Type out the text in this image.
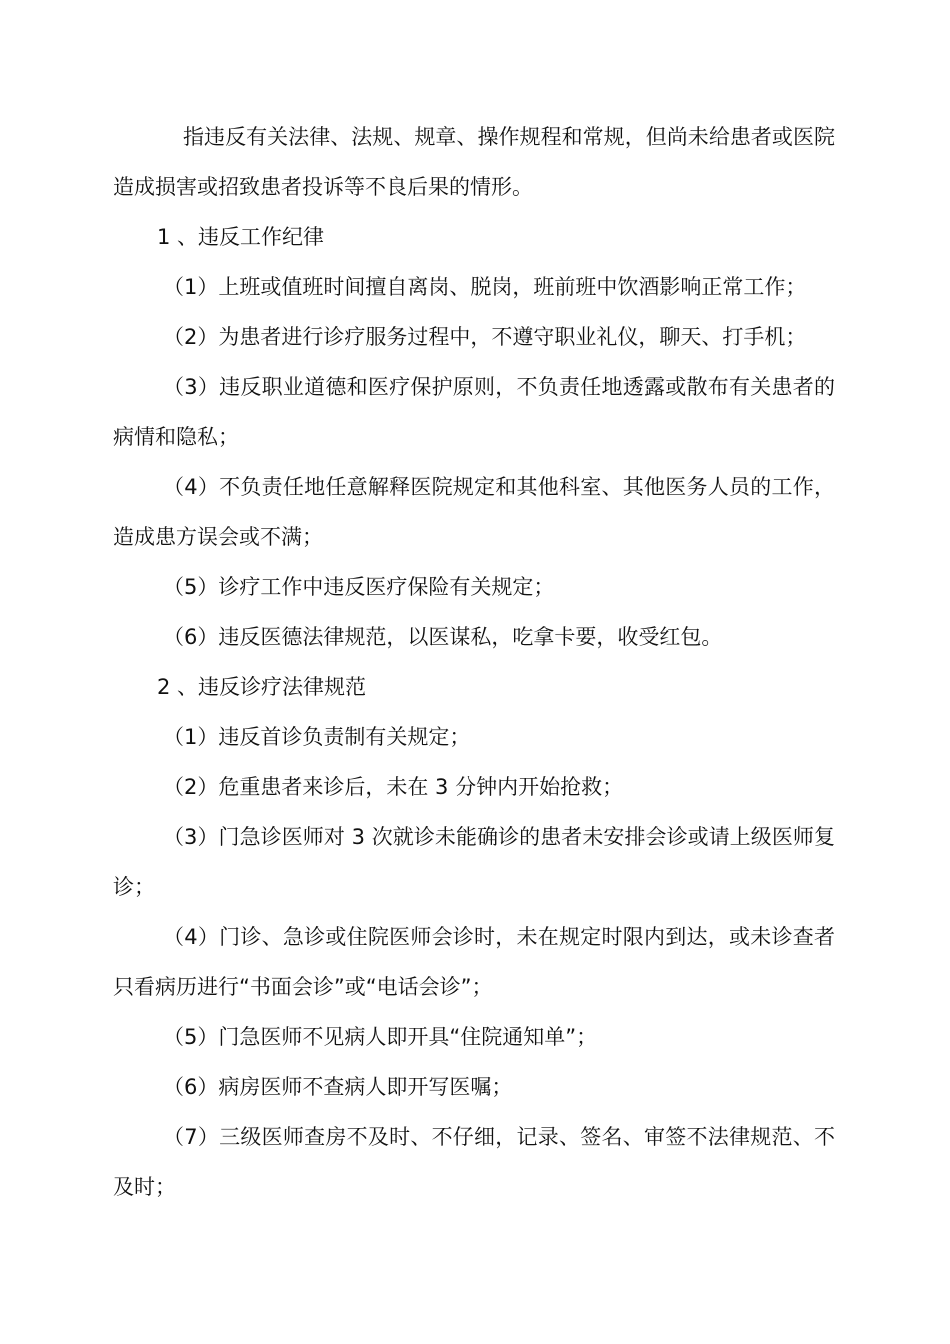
指违反有关法律、法规、规章、操作规程和常规，但尚未给患者或医院造成损害或招致患者投诉等不良后果的情形。

1 、违反工作纪律

（1）上班或值班时间擅自离岗、脱岗，班前班中饮酒影响正常工作；

（2）为患者进行诊疗服务过程中，不遵守职业礼仪，聊天、打手机；

（3）违反职业道德和医疗保护原则，不负责任地透露或散布有关患者的病情和隐私；

（4）不负责任地任意解释医院规定和其他科室、其他医务人员的工作，造成患方误会或不满；

（5）诊疗工作中违反医疗保险有关规定；

（6）违反医德法律规范，以医谋私，吃拿卡要，收受红包。

2 、违反诊疗法律规范

（1）违反首诊负责制有关规定；

（2）危重患者来诊后，未在 3 分钟内开始抢救；

（3）门急诊医师对 3 次就诊未能确诊的患者未安排会诊或请上级医师复诊；

（4）门诊、急诊或住院医师会诊时，未在规定时限内到达，或未诊查者只看病历进行“书面会诊”或“电话会诊”；

（5）门急医师不见病人即开具“住院通知单”；

（6）病房医师不查病人即开写医嘱；

（7）三级医师查房不及时、不仔细，记录、签名、审签不法律规范、不及时；
